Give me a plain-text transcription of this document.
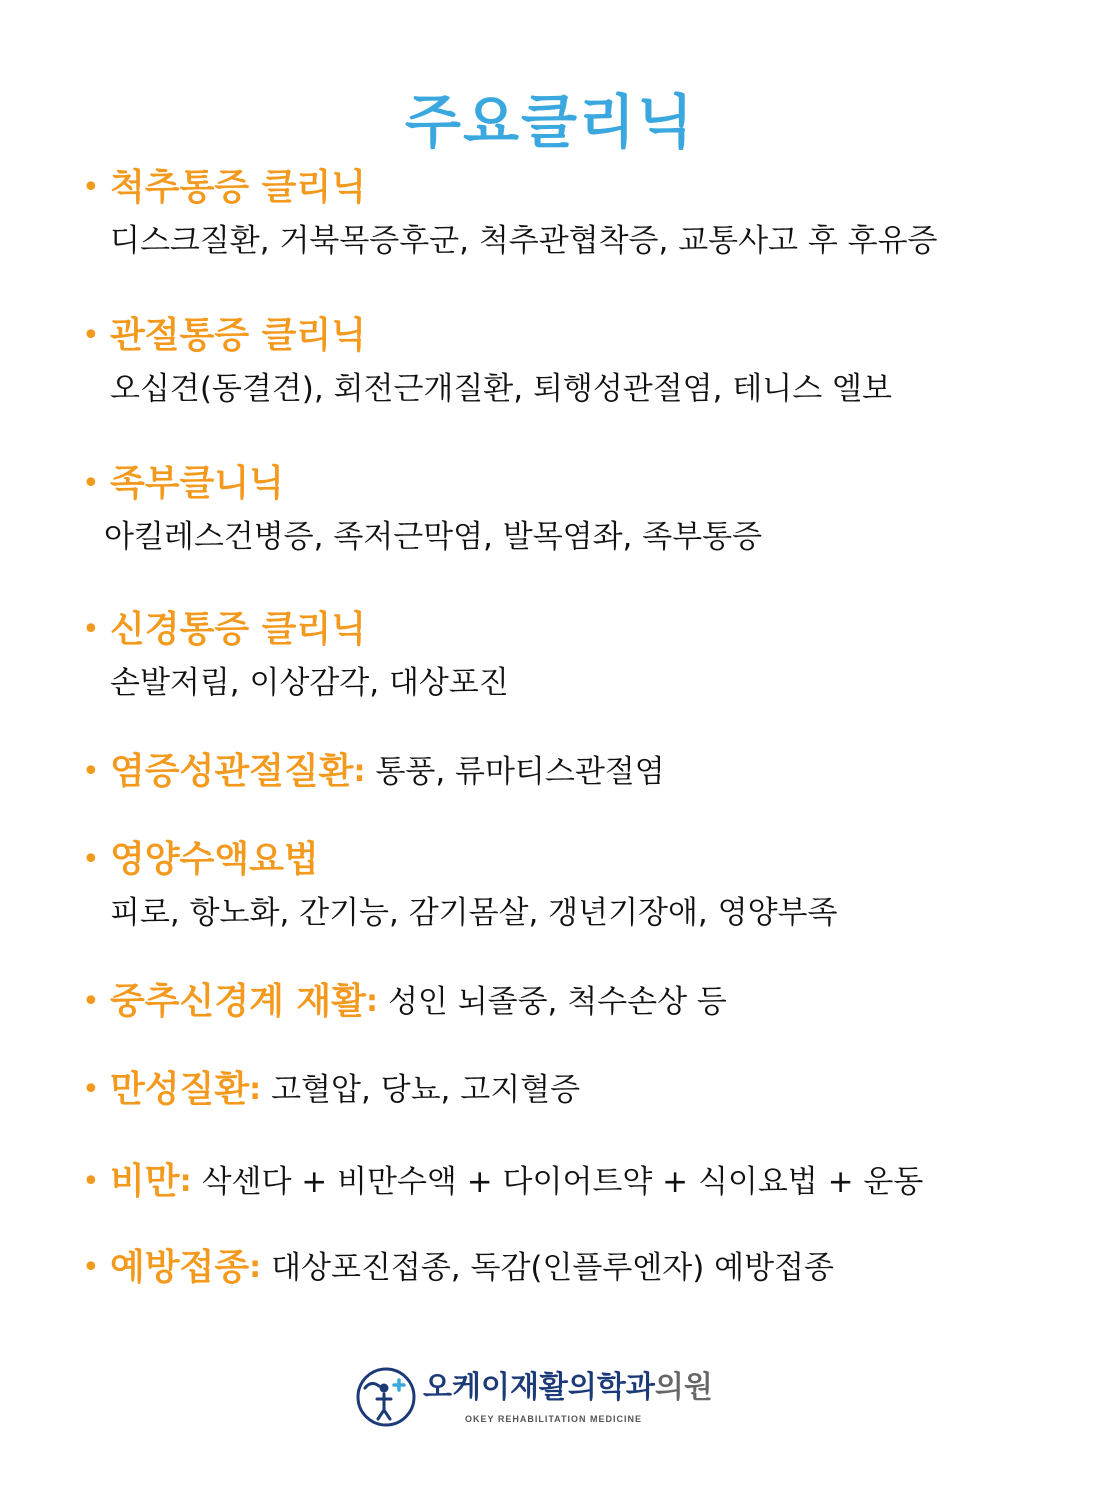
주요클리닉
• 척추통증 클리닉
디스크질환, 거북목증후군, 척추관협착증, 교통사고 후 후유증
• 관절통증 클리닉
오십견(동결견), 회전근개질환, 퇴행성관절염, 테니스 엘보
• 족부클니닉
아킬레스건병증, 족저근막염, 발목염좌, 족부통증
• 신경통증 클리닉
손발저림, 이상감각, 대상포진
• 염증성관절질환: 통풍, 류마티스관절염
• 영양수액요법
피로, 항노화, 간기능, 감기몸살, 갱년기장애, 영양부족
• 중추신경계 재활: 성인 뇌졸중, 척수손상 등
• 만성질환: 고혈압, 당뇨, 고지혈증
• 비만: 삭센다 + 비만수액 + 다이어트약 + 식이요법 + 운동
• 예방접종: 대상포진접종, 독감(인플루엔자) 예방접종
오케이재활의학과의원
OKEY REHABILITATION MEDICINE
